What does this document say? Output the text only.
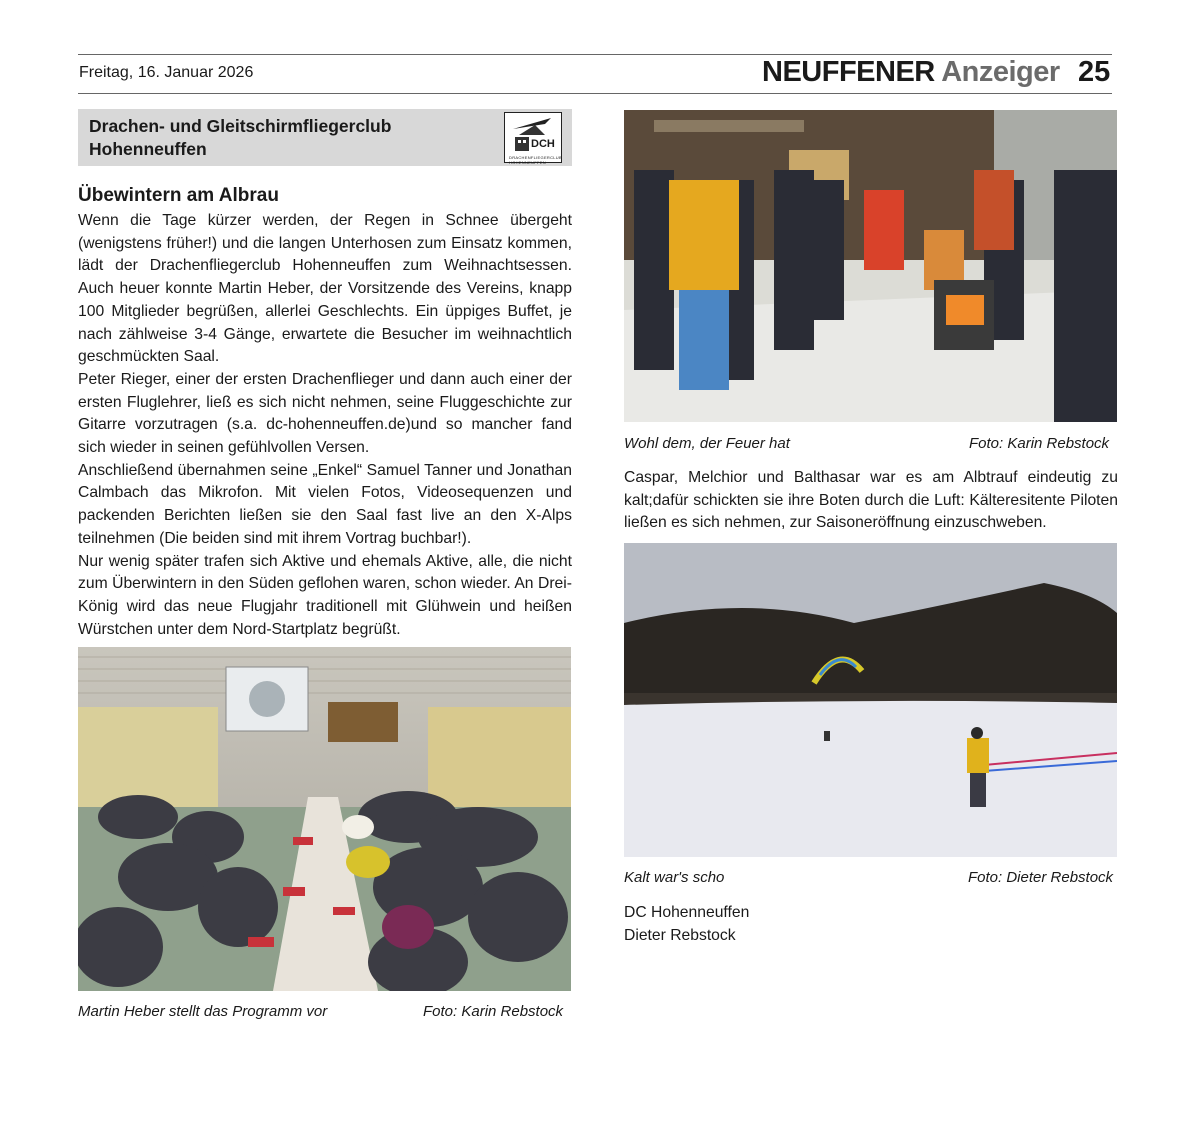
Freitag, 16. Januar 2026	NEUFFENER Anzeiger 25
Drachen- und Gleitschirmfliegerclub
Hohenneuffen	DCH
DRACHENFLIEGERCLUB HOHENNEUFFEN
Übewintern am Albrau

Wenn die Tage kürzer werden, der Regen in Schnee übergeht (wenigstens früher!) und die langen Unterhosen zum Einsatz kommen, lädt der Drachenfliegerclub Hohenneuffen zum Weihnachtsessen. Auch heuer konnte Martin Heber, der Vorsitzende des Vereins, knapp 100 Mitglieder begrüßen, allerlei Geschlechts. Ein üppiges Buffet, je nach zählweise 3-4 Gänge, erwartete die Besucher im weihnachtlich geschmückten Saal.

Peter Rieger, einer der ersten Drachenflieger und dann auch einer der ersten Fluglehrer, ließ es sich nicht nehmen, seine Fluggeschichte zur Gitarre vorzutragen (s.a. dc-hohenneuffen.de)und so mancher fand sich wieder in seinen gefühlvollen Versen.

Anschließend übernahmen seine „Enkel“ Samuel Tanner und Jonathan Calmbach das Mikrofon. Mit vielen Fotos, Videosequenzen und packenden Berichten ließen sie den Saal fast live an den X-Alps teilnehmen (Die beiden sind mit ihrem Vortrag buchbar!).

Nur wenig später trafen sich Aktive und ehemals Aktive, alle, die nicht zum Überwintern in den Süden geflohen waren, schon wieder. An Drei-König wird das neue Flugjahr traditionell mit Glühwein und heißen Würstchen unter dem Nord-Startplatz begrüßt.

Martin Heber stellt das Programm vor	Foto: Karin Rebstock
Wohl dem, der Feuer hat	Foto: Karin Rebstock
Caspar, Melchior und Balthasar war es am Albtrauf eindeutig zu kalt;dafür schickten sie ihre Boten durch die Luft: Kälteresitente Piloten ließen es sich nehmen, zur Saisoneröffnung einzuschweben.
Kalt war's scho	Foto: Dieter Rebstock
DC Hohenneuffen
Dieter Rebstock
